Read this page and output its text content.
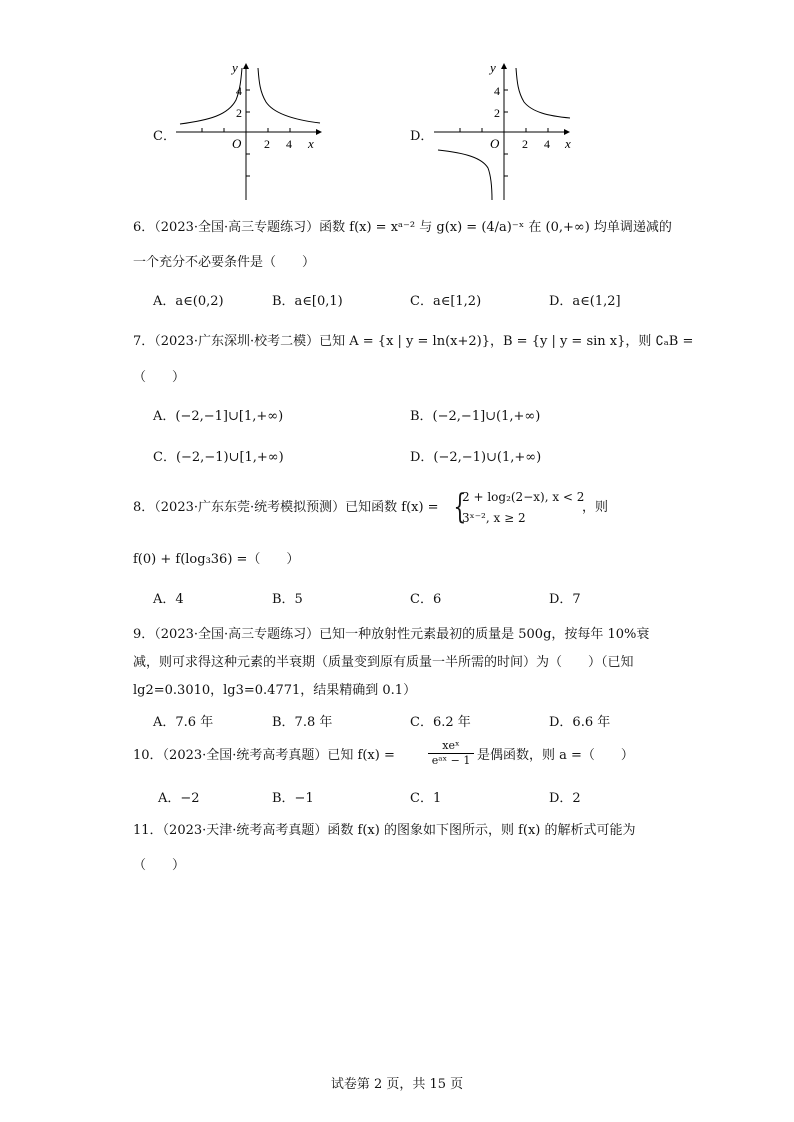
C．
y
4
2
O 2 4 x	D．
y
4
2
O 2 4 x
6．（2023·全国·高三专题练习）函数 f(x) = xᵃ⁻² 与 g(x) = (4/a)⁻ˣ 在 (0,+∞) 均单调递减的
一个充分不必要条件是（　　）
A．a∈(0,2)	B．a∈[0,1)	C．a∈[1,2)	D．a∈(1,2]
7．（2023·广东深圳·校考二模）已知 A = {x | y = ln(x+2)}，B = {y | y = sin x}，则 ∁ₐB =
（　　）
A．(−2,−1]∪[1,+∞)	B．(−2,−1]∪(1,+∞)
C．(−2,−1)∪[1,+∞)	D．(−2,−1)∪(1,+∞)
8．（2023·广东东莞·统考模拟预测）已知函数 f(x) = {
2 + log₂(2−x), x < 2
3ˣ⁻², x ≥ 2
，则
f(0) + f(log₃36) =（　　）
A．4	B．5	C．6	D．7
9．（2023·全国·高三专题练习）已知一种放射性元素最初的质量是 500g，按每年 10%衰
减，则可求得这种元素的半衰期（质量变到原有质量一半所需的时间）为（　　）（已知
lg2=0.3010，lg3=0.4771，结果精确到 0.1）
A．7.6 年	B．7.8 年	C．6.2 年	D．6.6 年
10．（2023·全国·统考高考真题）已知 f(x) =
xeˣ
eᵃˣ − 1 是偶函数，则 a =（　　）
A．−2	B．−1	C．1	D．2
11．（2023·天津·统考高考真题）函数 f(x) 的图象如下图所示，则 f(x) 的解析式可能为
（　　）
试卷第 2 页，共 15 页
